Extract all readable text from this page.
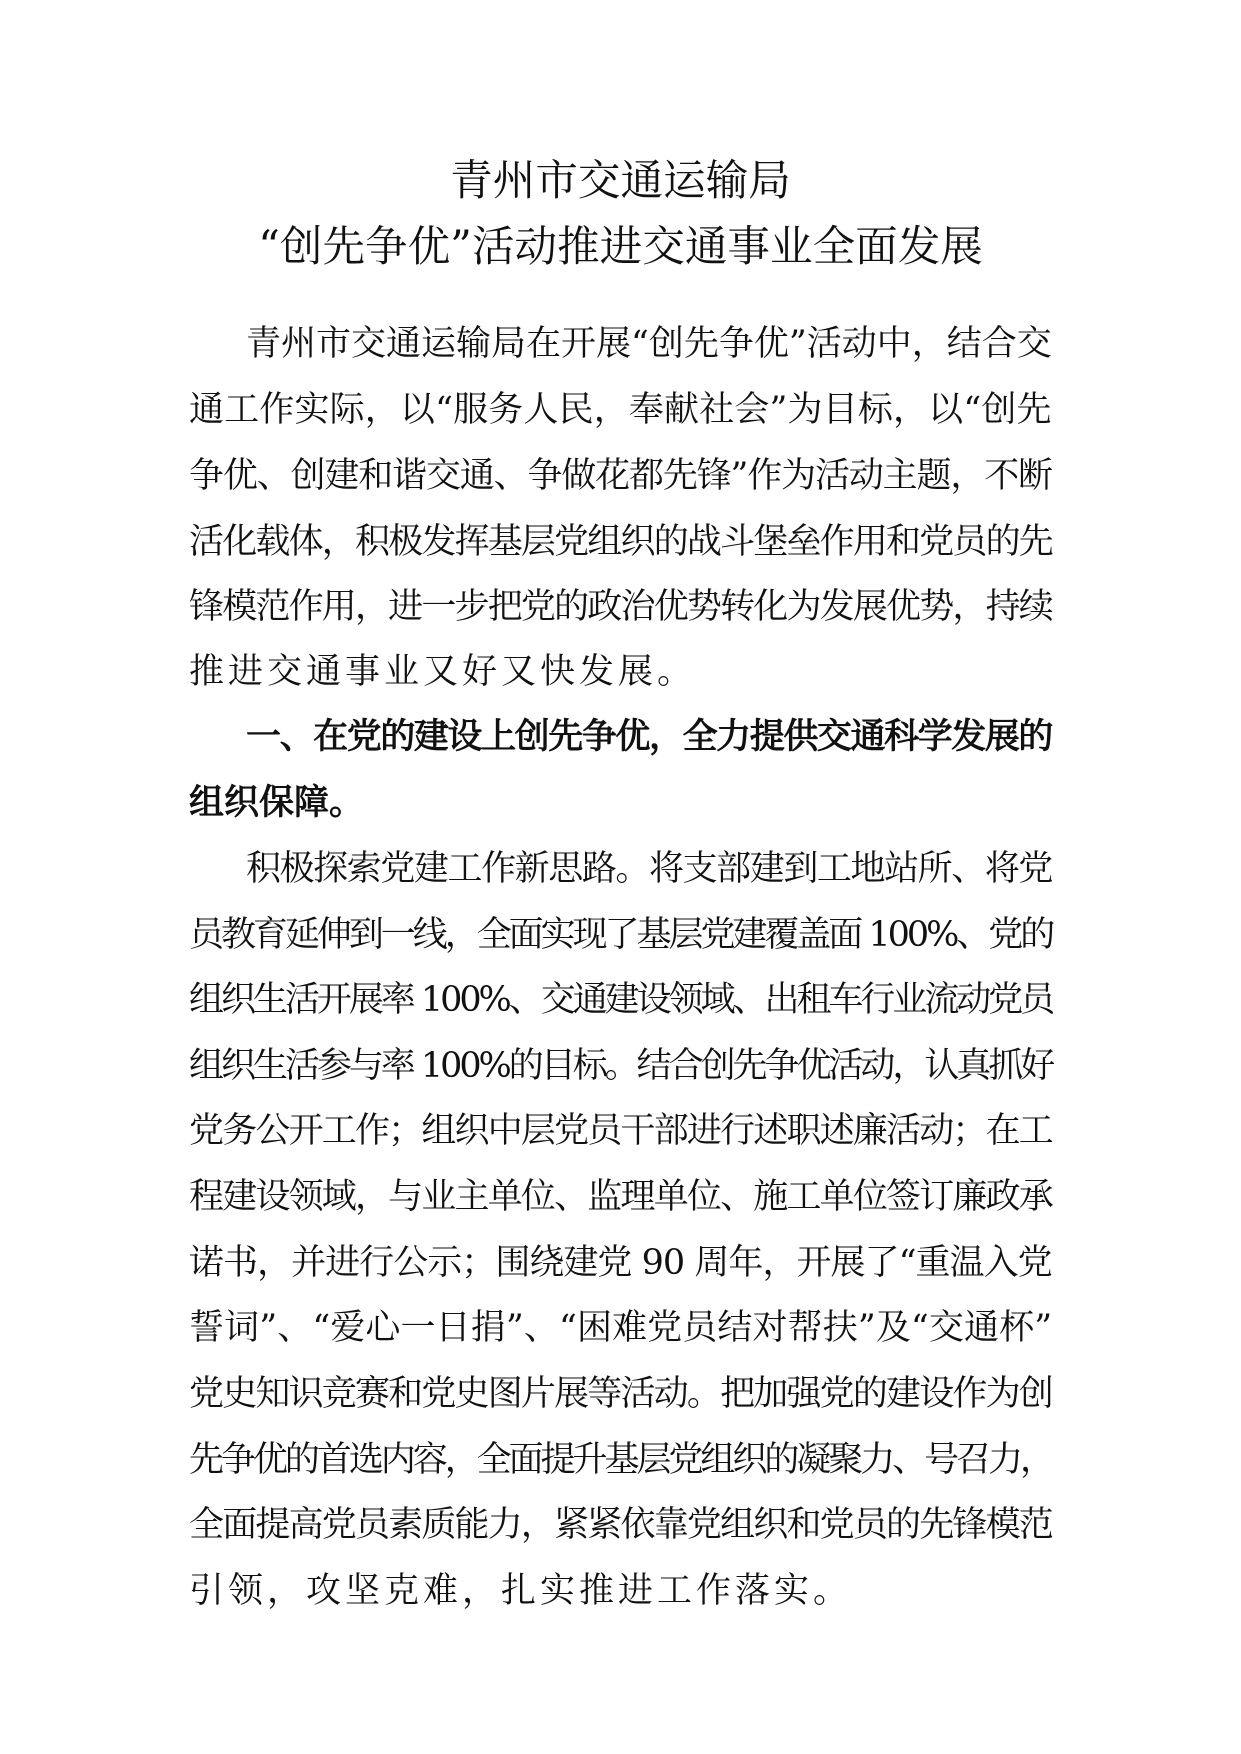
青州市交通运输局
“创先争优”活动推进交通事业全面发展
青州市交通运输局在开展“创先争优”活动中，结合交
通工作实际，以“服务人民，奉献社会”为目标，以“创先
争优、创建和谐交通、争做花都先锋”作为活动主题，不断
活化载体，积极发挥基层党组织的战斗堡垒作用和党员的先
锋模范作用，进一步把党的政治优势转化为发展优势，持续
推进交通事业又好又快发展。
一、在党的建设上创先争优，全力提供交通科学发展的
组织保障。
积极探索党建工作新思路。将支部建到工地站所、将党
员教育延伸到一线，全面实现了基层党建覆盖面 100%、党的
组织生活开展率 100%、交通建设领域、出租车行业流动党员
组织生活参与率 100%的目标。结合创先争优活动，认真抓好
党务公开工作；组织中层党员干部进行述职述廉活动；在工
程建设领域，与业主单位、监理单位、施工单位签订廉政承
诺书，并进行公示；围绕建党 90 周年，开展了“重温入党
誓词”、“爱心一日捐”、“困难党员结对帮扶”及“交通杯”
党史知识竞赛和党史图片展等活动。把加强党的建设作为创
先争优的首选内容，全面提升基层党组织的凝聚力、号召力，
全面提高党员素质能力，紧紧依靠党组织和党员的先锋模范
引领，攻坚克难，扎实推进工作落实。
